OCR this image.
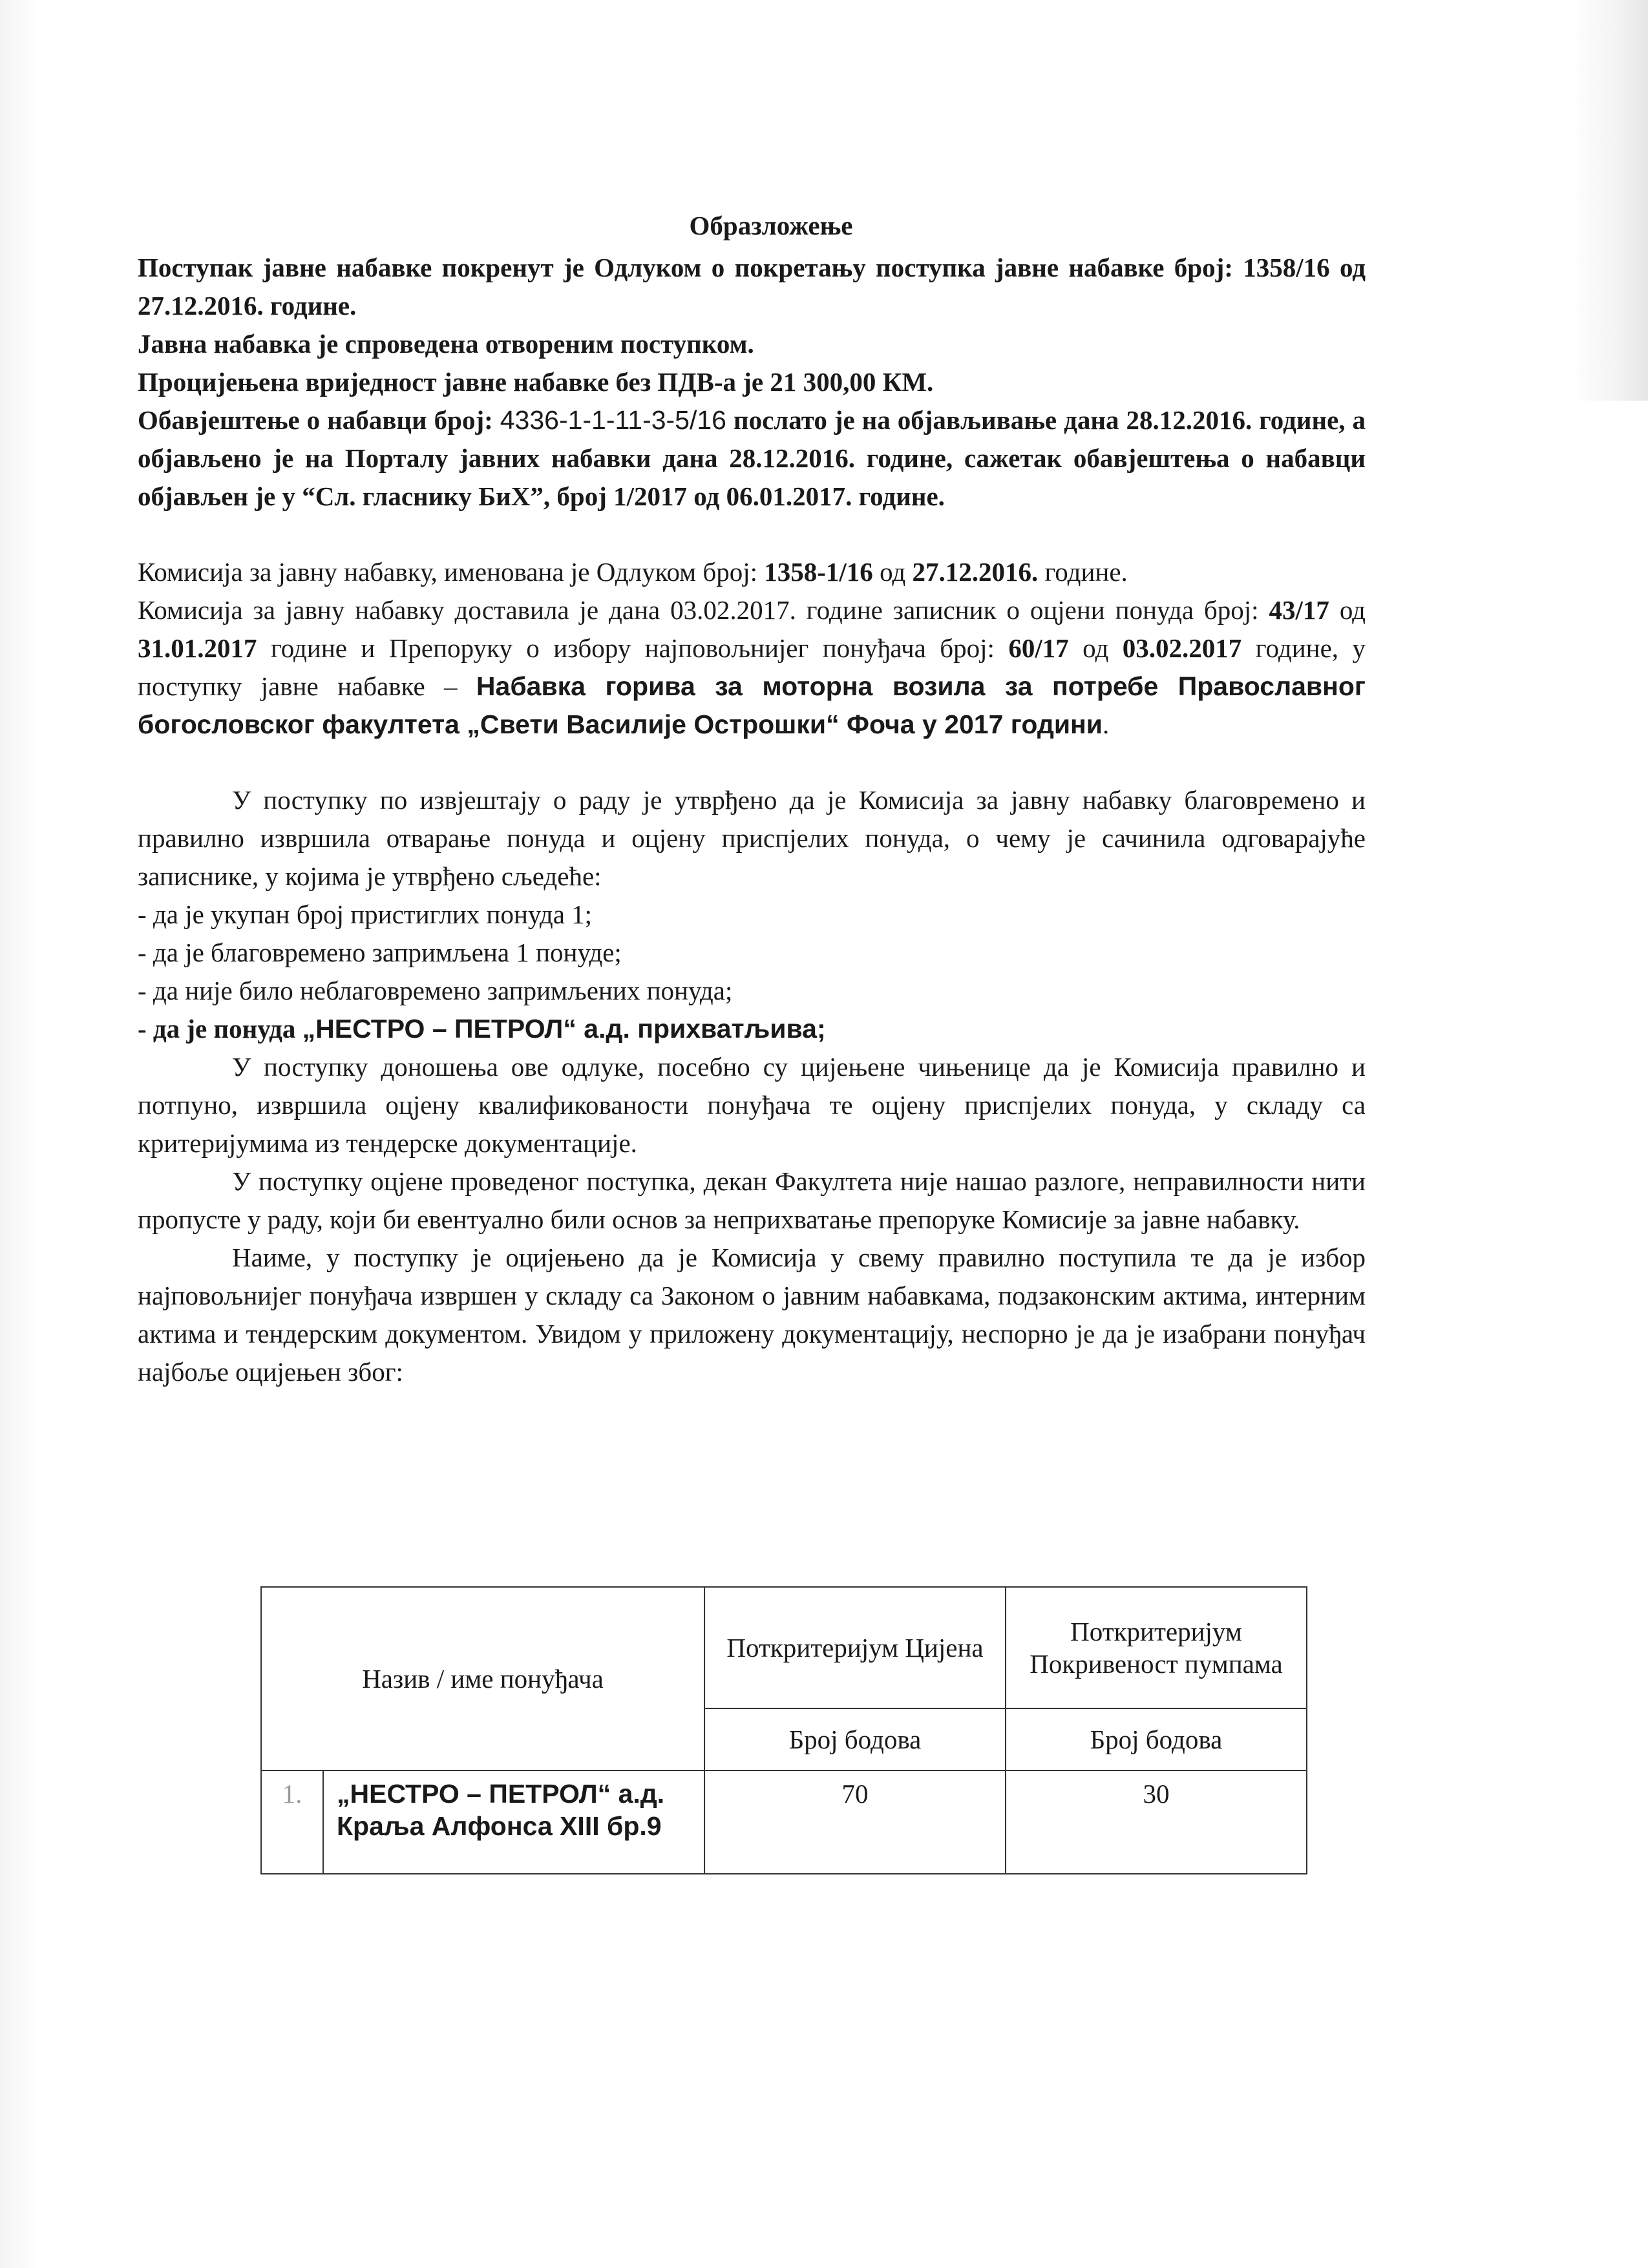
Образложење

Поступак јавне набавке покренут је Одлуком о покретању поступка јавне набавке број: 1358/16 од 27.12.2016. године.

Јавна набавка је спроведена отвореним поступком.

Процијењена вриједност јавне набавке без ПДВ-а је 21 300,00 КМ.

Обавјештење о набавци број: 4336-1-1-11-3-5/16 послато је на објављивање дана 28.12.2016. године, а објављено је на Порталу јавних набавки дана 28.12.2016. године, сажетак обавјештења о набавци објављен је у “Сл. гласнику БиХ”, број 1/2017 од 06.01.2017. године.

Комисија за јавну набавку, именована је Одлуком број: 1358-1/16 од 27.12.2016. године.

Комисија за јавну набавку доставила је дана 03.02.2017. године записник о оцјени понуда број: 43/17 од 31.01.2017 године и Препоруку о избору најповољнијег понуђача број: 60/17 од 03.02.2017 године, у поступку јавне набавке – Набавка горива за моторна возила за потребе Православног богословског факултета „Свети Василије Острошки“ Фоча у 2017 години.

У поступку по извјештају о раду је утврђено да је Комисија за јавну набавку благовремено и правилно извршила отварање понуда и оцјену приспјелих понуда, о чему је сачинила одговарајуће записнике, у којима је утврђено сљедеће:

- да је укупан број пристиглих понуда 1;
- да је благовремено запримљена 1 понуде;
- да није било неблаговремено запримљених понуда;
- да је понуда „НЕСТРО – ПЕТРОЛ“ а.д. прихватљива;

У поступку доношења ове одлуке, посебно су цијењене чињенице да је Комисија правилно и потпуно, извршила оцјену квалификованости понуђача те оцјену приспјелих понуда, у складу са критеријумима из тендерске документације.

У поступку оцјене проведеног поступка, декан Факултета није нашао разлоге, неправилности нити пропусте у раду, који би евентуално били основ за неприхватање препоруке Комисије за јавне набавку.

Наиме, у поступку је оцијењено да је Комисија у свему правилно поступила те да је избор најповољнијег понуђача извршен у складу са Законом о јавним набавкама, подзаконским актима, интерним актима и тендерским документом. Увидом у приложену документацију, неспорно је да је изабрани понуђач најбоље оцијењен због:

Назив / име понуђача		Поткритеријум Цијена	Поткритеријум Покривеност пумпама
		Број бодова	Број бодова
1.	„НЕСТРО – ПЕТРОЛ“ а.д.
Краља Алфонса XIII бр.9	70	30
